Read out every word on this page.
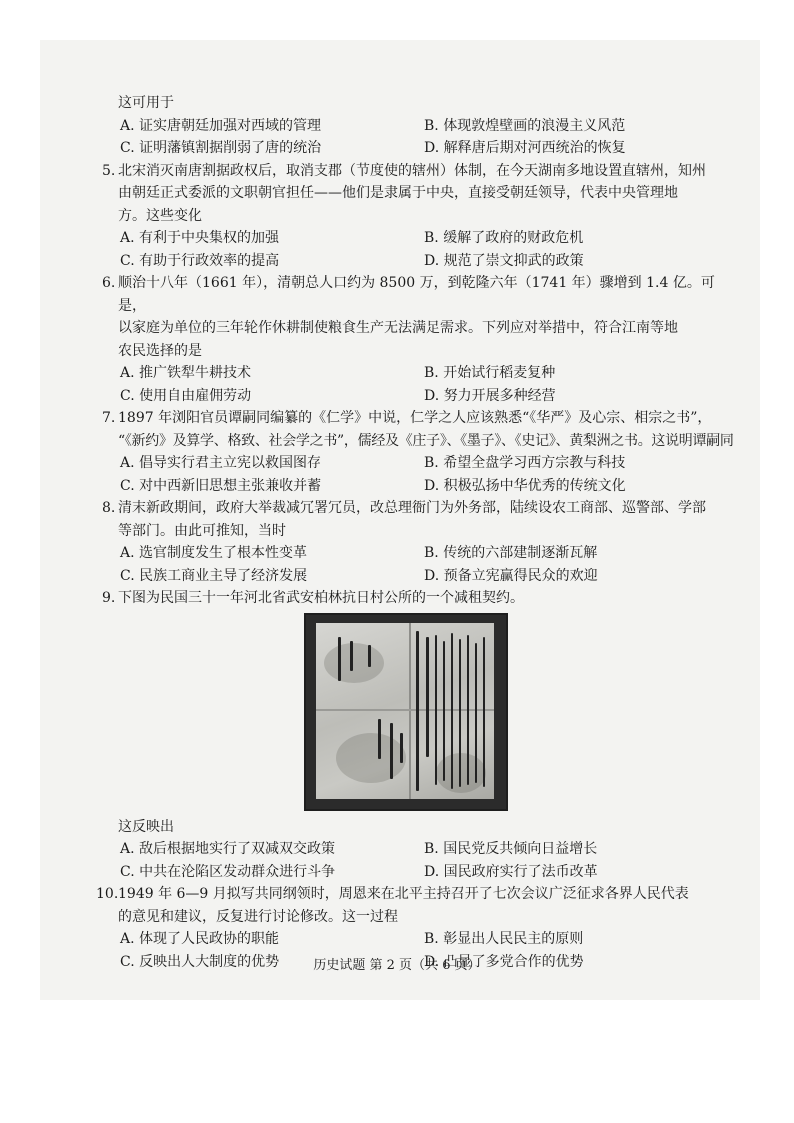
这可用于

A. 证实唐朝廷加强对西域的管理	B. 体现敦煌壁画的浪漫主义风范
C. 证明藩镇割据削弱了唐的统治	D. 解释唐后期对河西统治的恢复
5. 北宋消灭南唐割据政权后，取消支郡（节度使的辖州）体制，在今天湖南多地设置直辖州，知州

由朝廷正式委派的文职朝官担任——他们是隶属于中央，直接受朝廷领导，代表中央管理地

方。这些变化

A. 有利于中央集权的加强	B. 缓解了政府的财政危机
C. 有助于行政效率的提高	D. 规范了崇文抑武的政策
6. 顺治十八年（1661 年），清朝总人口约为 8500 万，到乾隆六年（1741 年）骤增到 1.4 亿。可是，

以家庭为单位的三年轮作休耕制使粮食生产无法满足需求。下列应对举措中，符合江南等地

农民选择的是

A. 推广铁犁牛耕技术	B. 开始试行稻麦复种
C. 使用自由雇佣劳动	D. 努力开展多种经营
7. 1897 年浏阳官员谭嗣同编纂的《仁学》中说，仁学之人应该熟悉“《华严》及心宗、相宗之书”，

“《新约》及算学、格致、社会学之书”，儒经及《庄子》、《墨子》、《史记》、黄梨洲之书。这说明谭嗣同

A. 倡导实行君主立宪以救国图存	B. 希望全盘学习西方宗教与科技
C. 对中西新旧思想主张兼收并蓄	D. 积极弘扬中华优秀的传统文化
8. 清末新政期间，政府大举裁减冗署冗员，改总理衙门为外务部，陆续设农工商部、巡警部、学部

等部门。由此可推知，当时

A. 选官制度发生了根本性变革	B. 传统的六部建制逐渐瓦解
C. 民族工商业主导了经济发展	D. 预备立宪赢得民众的欢迎
9. 下图为民国三十一年河北省武安柏林抗日村公所的一个减租契约。

这反映出

A. 敌后根据地实行了双减双交政策	B. 国民党反共倾向日益增长
C. 中共在沦陷区发动群众进行斗争	D. 国民政府实行了法币改革
10. 1949 年 6—9 月拟写共同纲领时，周恩来在北平主持召开了七次会议广泛征求各界人民代表

的意见和建议，反复进行讨论修改。这一过程

A. 体现了人民政协的职能	B. 彰显出人民民主的原则
C. 反映出人大制度的优势	D. 凸显了多党合作的优势
历史试题 第 2 页（共 6 页）
